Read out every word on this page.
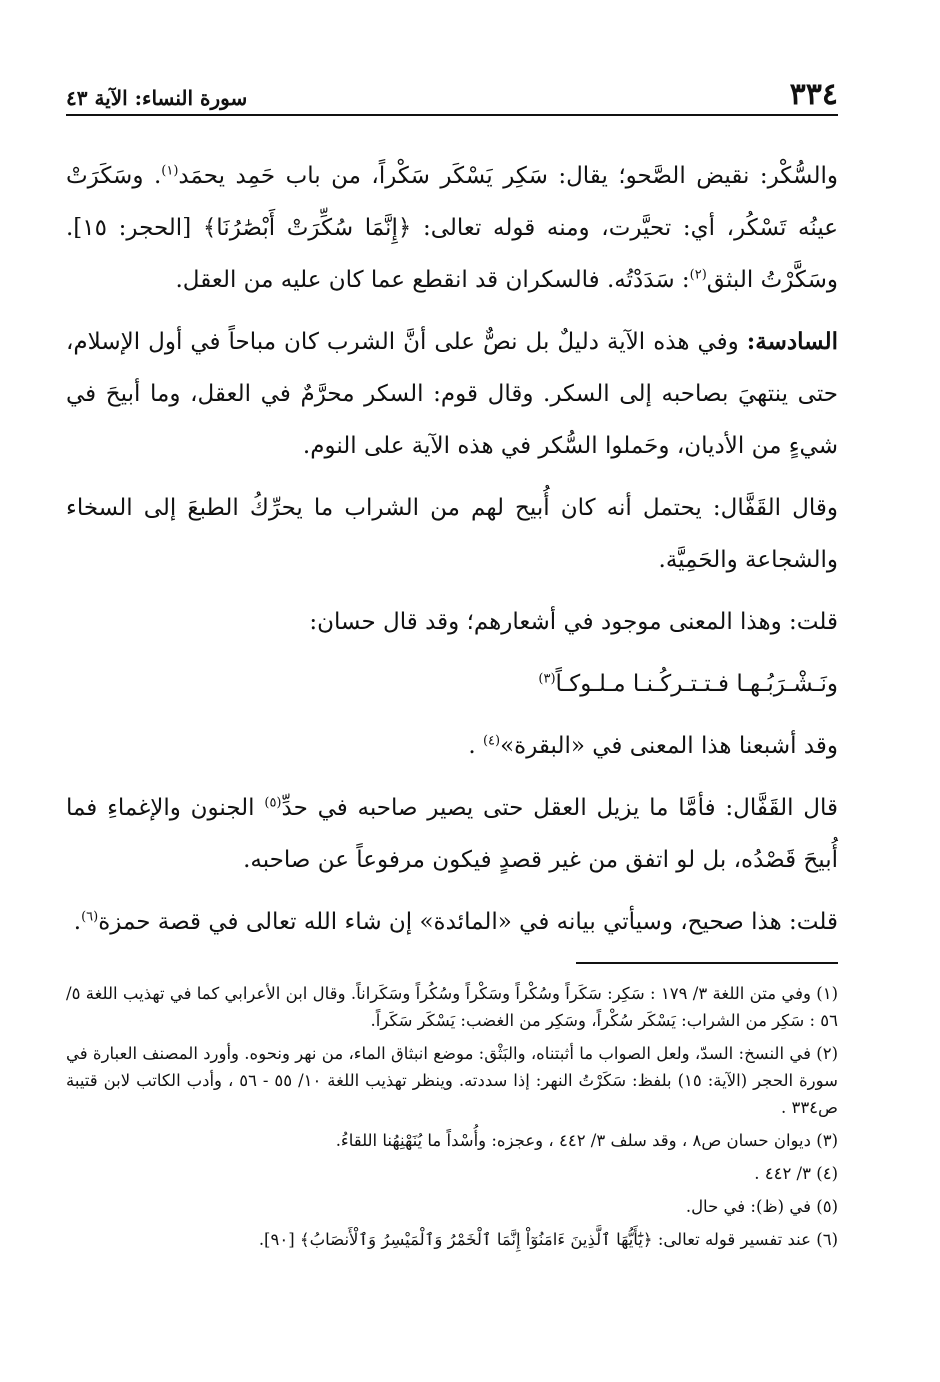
٣٣٤
سورة النساء: الآية ٤٣

والسُّكْر: نقيض الصَّحو؛ يقال: سَكِر يَسْكَر سَكْراً، من باب حَمِد يحمَد$^{(١)}$. وسَكَرَتْ عينُه تَسْكُر، أي: تحيَّرت، ومنه قوله تعالى: ﴿إِنَّمَا سُكِّرَتْ أَبْصَٰرُنَا﴾ [الحجر: ١٥]. وسَكَّرْتُ البثق$^{(٢)}$: سَدَدْتُه. فالسكران قد انقطع عما كان عليه من العقل.

السادسة: وفي هذه الآية دليلٌ بل نصٌّ على أنَّ الشرب كان مباحاً في أول الإسلام، حتى ينتهيَ بصاحبه إلى السكر. وقال قوم: السكر محرَّمٌ في العقل، وما أبيحَ في شيءٍ من الأديان، وحَملوا السُّكر في هذه الآية على النوم.

وقال القَفَّال: يحتمل أنه كان أُبيح لهم من الشراب ما يحرِّكُ الطبعَ إلى السخاء والشجاعة والحَمِيَّة.

قلت: وهذا المعنى موجود في أشعارهم؛ وقد قال حسان:

ونَـشْـرَبُـهـا فـتـتـركُـنـا مـلـوكـاً$^{(٣)}$

وقد أشبعنا هذا المعنى في «البقرة»$^{(٤)}$ .

قال القَفَّال: فأمَّا ما يزيل العقل حتى يصير صاحبه في حدِّ$^{(٥)}$ الجنون والإغماءِ فما أُبيحَ قَصْدُه، بل لو اتفق من غير قصدٍ فيكون مرفوعاً عن صاحبه.

قلت: هذا صحيح، وسيأتي بيانه في «المائدة» إن شاء الله تعالى في قصة حمزة$^{(٦)}$.

(١) وفي متن اللغة ٣/ ١٧٩ : سَكِر: سَكَراً وسُكْراً وسَكْراً وسُكُراً وسَكَراناً. وقال ابن الأعرابي كما في تهذيب اللغة ٥/ ٥٦ : سَكِر من الشراب: يَسْكَر سُكْراً، وسَكِر من الغضب: يَسْكَر سَكَراً.

(٢) في النسخ: السدّ، ولعل الصواب ما أثبتناه، والبَثْق: موضع انبثاق الماء، من نهر ونحوه. وأورد المصنف العبارة في سورة الحجر (الآية: ١٥) بلفظ: سَكَرْتُ النهر: إذا سددته. وينظر تهذيب اللغة ١٠/ ٥٥ - ٥٦ ، وأدب الكاتب لابن قتيبة ص٣٣٤ .

(٣) ديوان حسان ص٨ ، وقد سلف ٣/ ٤٤٢ ، وعجزه: وأُسْداً ما يُنَهْنِهُنا اللقاءُ.

(٤) ٣/ ٤٤٢ .

(٥) في (ظ): في حال.

(٦) عند تفسير قوله تعالى: ﴿يَٰٓأَيُّهَا ٱلَّذِينَ ءَامَنُوٓاْ إِنَّمَا ٱلْخَمْرُ وَٱلْمَيْسِرُ وَٱلْأَنصَابُ﴾ [٩٠].
